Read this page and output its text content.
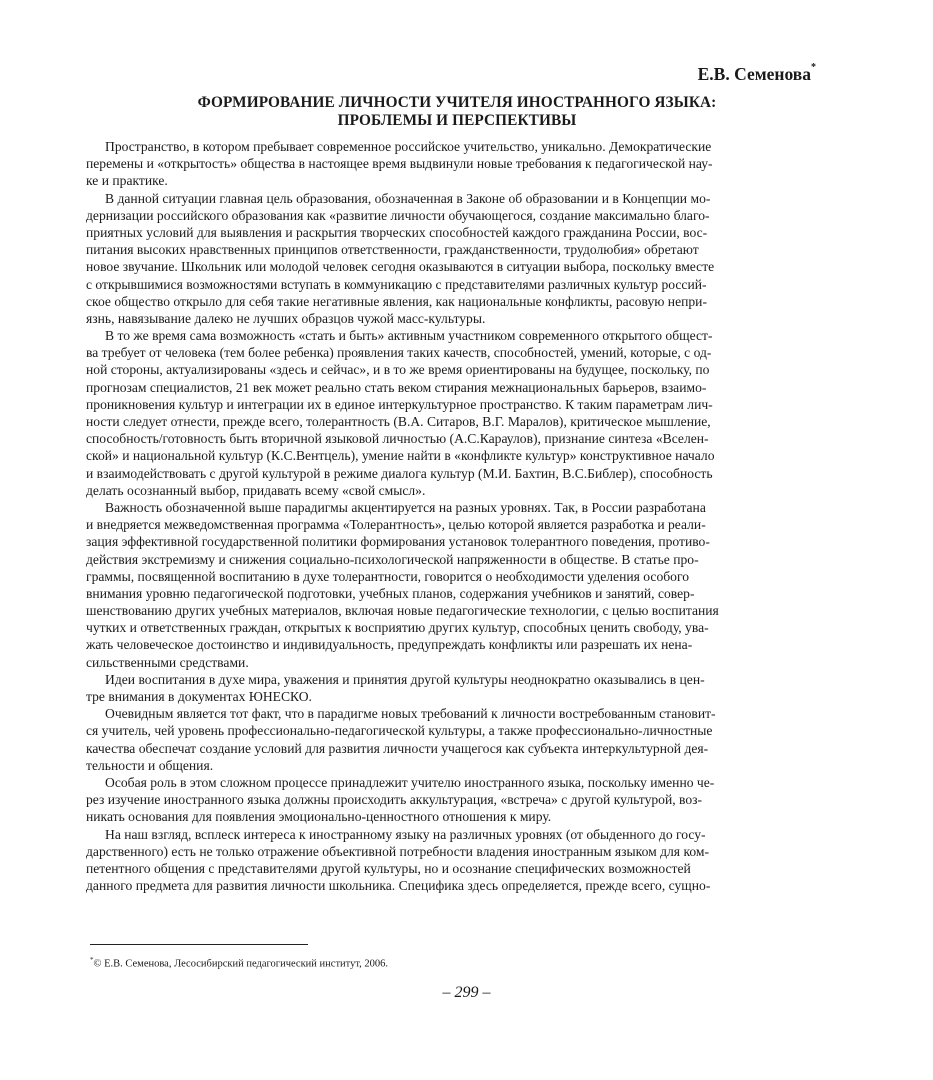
Е.В. Семенова*
ФОРМИРОВАНИЕ ЛИЧНОСТИ УЧИТЕЛЯ ИНОСТРАННОГО ЯЗЫКА:
ПРОБЛЕМЫ И ПЕРСПЕКТИВЫ
Пространство, в котором пребывает современное российское учительство, уникально. Демократические
перемены и «открытость» общества в настоящее время выдвинули новые требования к педагогической нау-
ке и практике.
В данной ситуации главная цель образования, обозначенная в Законе об образовании и в Концепции мо-
дернизации российского образования как «развитие личности обучающегося, создание максимально благо-
приятных условий для выявления и раскрытия творческих способностей каждого гражданина России, вос-
питания высоких нравственных принципов ответственности, гражданственности, трудолюбия» обретают
новое звучание. Школьник или молодой человек сегодня оказываются в ситуации выбора, поскольку вместе
с открывшимися возможностями вступать в коммуникацию с представителями различных культур россий-
ское общество открыло для себя такие негативные явления, как национальные конфликты, расовую непри-
язнь, навязывание далеко не лучших образцов чужой масс-культуры.
В то же время сама возможность «стать и быть» активным участником современного открытого общест-
ва требует от человека (тем более ребенка) проявления таких качеств, способностей, умений, которые, с од-
ной стороны, актуализированы «здесь и сейчас», и в то же время ориентированы на будущее, поскольку, по
прогнозам специалистов, 21 век может реально стать веком стирания межнациональных барьеров, взаимо-
проникновения культур и интеграции их в единое интеркультурное пространство. К таким параметрам лич-
ности следует отнести, прежде всего, толерантность (В.А. Ситаров, В.Г. Маралов), критическое мышление,
способность/готовность быть вторичной языковой личностью (А.С.Караулов), признание синтеза «Вселен-
ской» и национальной культур (К.С.Вентцель), умение найти в «конфликте культур» конструктивное начало
и взаимодействовать с другой культурой в режиме диалога культур (М.И. Бахтин, В.С.Библер), способность
делать осознанный выбор, придавать всему «свой смысл».
Важность обозначенной выше парадигмы акцентируется на разных уровнях. Так, в России разработана
и внедряется межведомственная программа «Толерантность», целью которой является разработка и реали-
зация эффективной государственной политики формирования установок толерантного поведения, противо-
действия экстремизму и снижения социально-психологической напряженности в обществе. В статье про-
граммы, посвященной воспитанию в духе толерантности, говорится о необходимости уделения особого
внимания уровню педагогической подготовки, учебных планов, содержания учебников и занятий, совер-
шенствованию других учебных материалов, включая новые педагогические технологии, с целью воспитания
чутких и ответственных граждан, открытых к восприятию других культур, способных ценить свободу, ува-
жать человеческое достоинство и индивидуальность, предупреждать конфликты или разрешать их нена-
сильственными средствами.
Идеи воспитания в духе мира, уважения и принятия другой культуры неоднократно оказывались в цен-
тре внимания в документах ЮНЕСКО.
Очевидным является тот факт, что в парадигме новых требований к личности востребованным становит-
ся учитель, чей уровень профессионально-педагогической культуры, а также профессионально-личностные
качества обеспечат создание условий для развития личности учащегося как субъекта интеркультурной дея-
тельности и общения.
Особая роль в этом сложном процессе принадлежит учителю иностранного языка, поскольку именно че-
рез изучение иностранного языка должны происходить аккультурация, «встреча» с другой культурой, воз-
никать основания для появления эмоционально-ценностного отношения к миру.
На наш взгляд, всплеск интереса к иностранному языку на различных уровнях (от обыденного до госу-
дарственного) есть не только отражение объективной потребности владения иностранным языком для ком-
петентного общения с представителями другой культуры, но и осознание специфических возможностей
данного предмета для развития личности школьника. Специфика здесь определяется, прежде всего, сущно-
*© Е.В. Семенова, Лесосибирский педагогический институт, 2006.
– 299 –
